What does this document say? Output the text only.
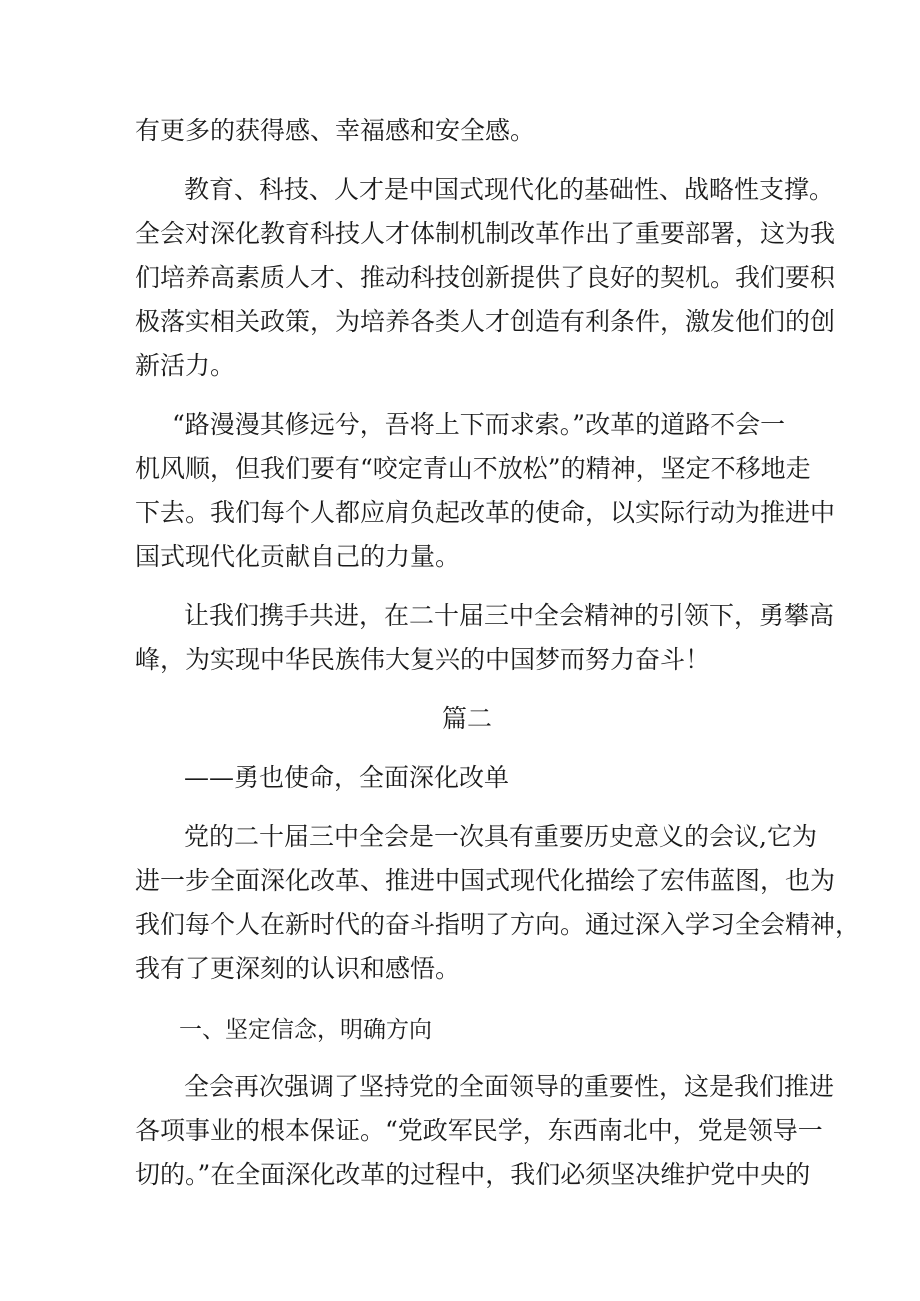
有更多的获得感、幸福感和安全感。
教育、科技、人才是中国式现代化的基础性、战略性支撑。
全会对深化教育科技人才体制机制改革作出了重要部署，这为我
们培养高素质人才、推动科技创新提供了良好的契机。我们要积
极落实相关政策，为培养各类人才创造有利条件，激发他们的创
新活力。
“路漫漫其修远兮，吾将上下而求索。”改革的道路不会一
机风顺，但我们要有“咬定青山不放松”的精神，坚定不移地走
下去。我们每个人都应肩负起改革的使命，以实际行动为推进中
国式现代化贡献自己的力量。
让我们携手共进，在二十届三中全会精神的引领下，勇攀高
峰，为实现中华民族伟大复兴的中国梦而努力奋斗！
篇二
——勇也使命，全面深化改单
党的二十届三中全会是一次具有重要历史意义的会议,它为
进一步全面深化改革、推进中国式现代化描绘了宏伟蓝图，也为
我们每个人在新时代的奋斗指明了方向。通过深入学习全会精神，
我有了更深刻的认识和感悟。
一、坚定信念，明确方向
全会再次强调了坚持党的全面领导的重要性，这是我们推进
各项事业的根本保证。“党政军民学，东西南北中，党是领导一
切的。”在全面深化改革的过程中，我们必须坚决维护党中央的
